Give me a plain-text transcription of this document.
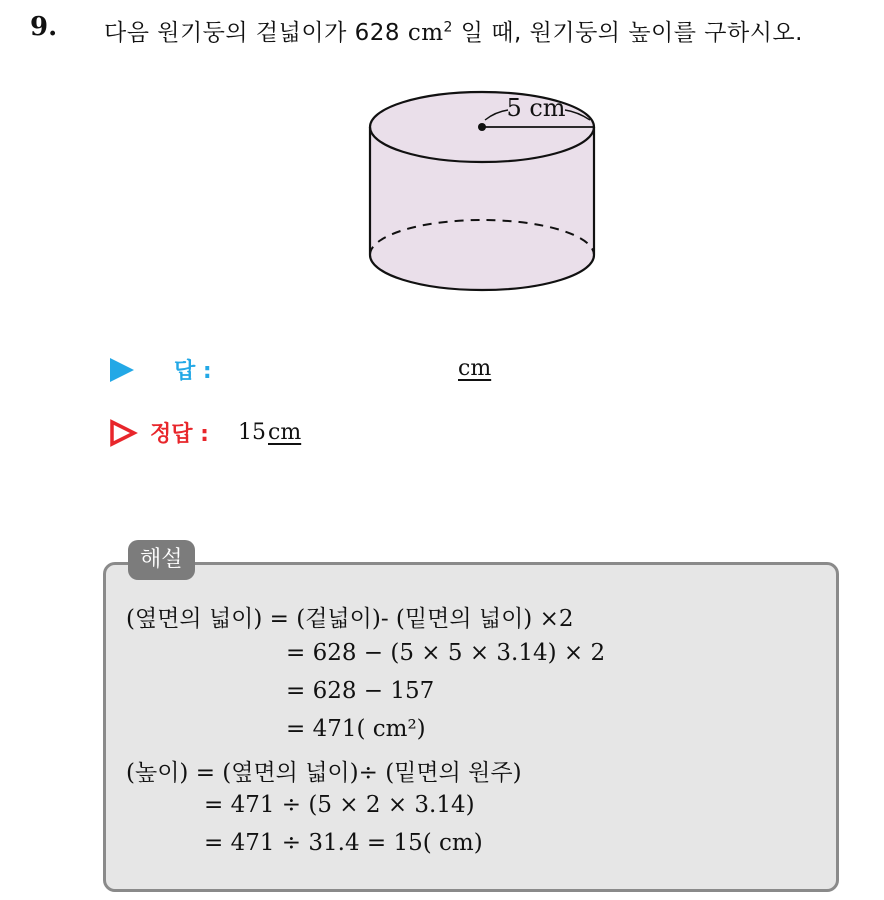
9. 다음 원기둥의 겉넓이가 628 $cm^2$ 일 때, 원기둥의 높이를 구하시오.
5 cm
답 :	cm
정답 : 15cm
해설
(옆면의 넓이) = (겉넓이)- (밑면의 넓이) ×2
= 628 − (5 × 5 × 3.14) × 2
= 628 − 157
= 471( cm²)
(높이) = (옆면의 넓이)÷ (밑면의 원주)
= 471 ÷ (5 × 2 × 3.14)
= 471 ÷ 31.4 = 15( cm)
